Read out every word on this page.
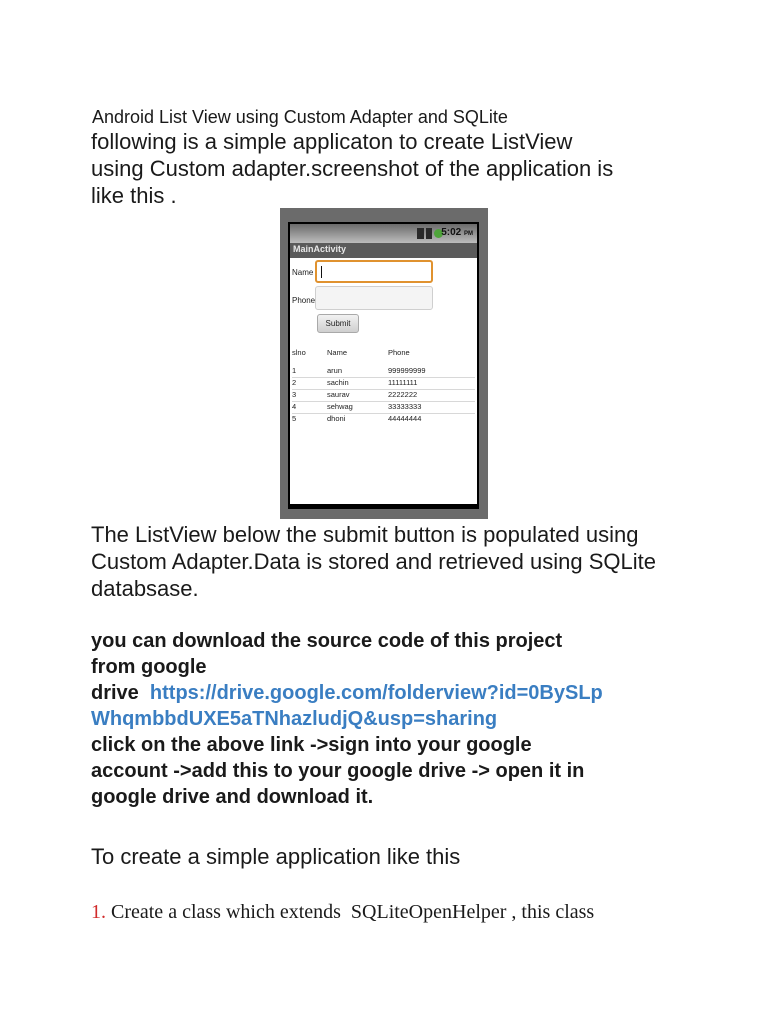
Android List View using Custom Adapter and SQLite
following is a simple applicaton to create ListView
using Custom adapter.screenshot of the application is
like this .
5:02 PM
MainActivity
Name
Phone
Submit
slno	Name	Phone
1	arun	999999999
2	sachin	11111111
3	saurav	2222222
4	sehwag	33333333
5	dhoni	44444444
The ListView below the submit button is populated using
Custom Adapter.Data is stored and retrieved using SQLite
databsase.
you can download the source code of this project
from google
drive  https://drive.google.com/folderview?id=0BySLp
WhqmbbdUXE5aTNhazludjQ&usp=sharing
click on the above link ->sign into your google
account ->add this to your google drive -> open it in
google drive and download it.
To create a simple application like this
1. Create a class which extends  SQLiteOpenHelper , this class
